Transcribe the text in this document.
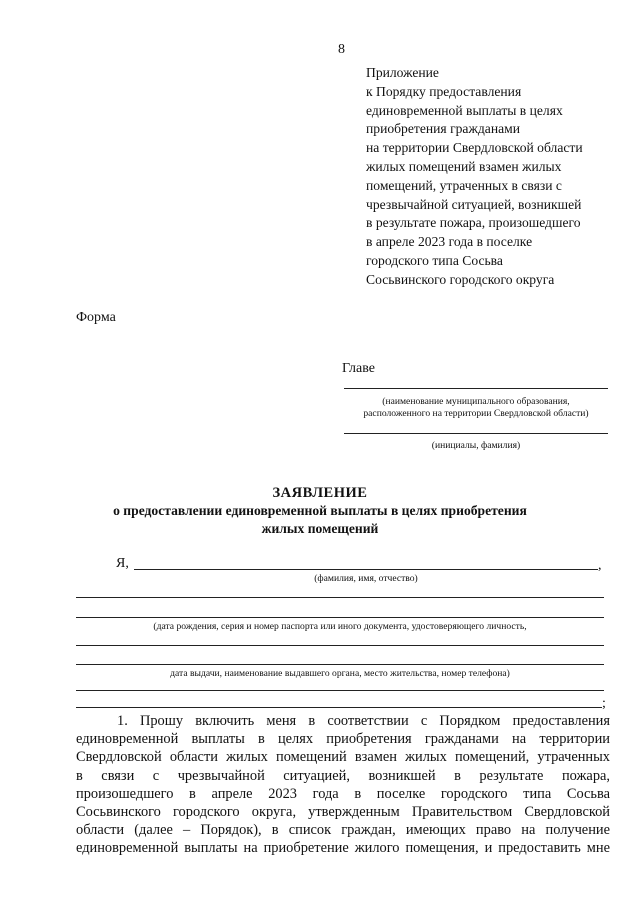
8
Приложение
к Порядку предоставления
единовременной выплаты в целях
приобретения гражданами
на территории Свердловской области
жилых помещений взамен жилых
помещений, утраченных в связи с
чрезвычайной ситуацией, возникшей
в результате пожара, произошедшего
в апреле 2023 года в поселке
городского типа Сосьва
Сосьвинского городского округа
Форма
Главе
(наименование муниципального образования,
расположенного на территории Свердловской области)
(инициалы, фамилия)
ЗАЯВЛЕНИЕ
о предоставлении единовременной выплаты в целях приобретения
жилых помещений
Я,	,
(фамилия, имя, отчество)
(дата рождения, серия и номер паспорта или иного документа, удостоверяющего личность,
дата выдачи, наименование выдавшего органа, место жительства, номер телефона)
;
1. Прошу включить меня в соответствии с Порядком предоставления
единовременной выплаты в целях приобретения гражданами на территории
Свердловской области жилых помещений взамен жилых помещений, утраченных
в связи с чрезвычайной ситуацией, возникшей в результате пожара,
произошедшего в апреле 2023 года в поселке городского типа Сосьва
Сосьвинского городского округа, утвержденным Правительством Свердловской
области (далее – Порядок), в список граждан, имеющих право на получение
единовременной выплаты на приобретение жилого помещения, и предоставить мне
